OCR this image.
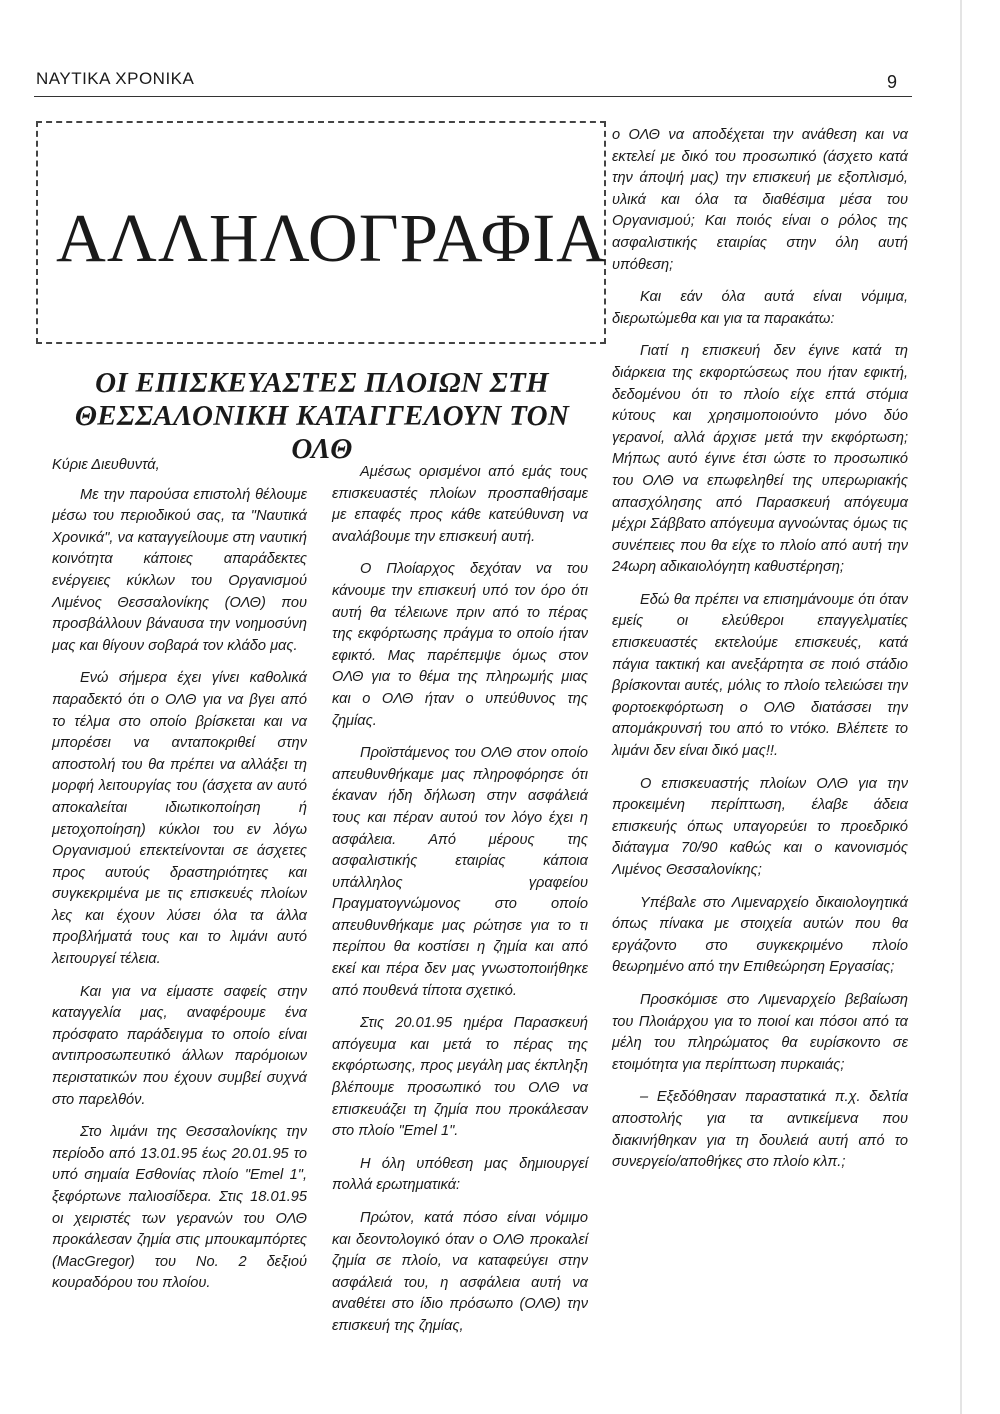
ΝΑΥΤΙΚΑ ΧΡΟΝΙΚΑ	9
ΑΛΛΗΛΟΓΡΑΦΙΑ
ΟΙ ΕΠΙΣΚΕΥΑΣΤΕΣ ΠΛΟΙΩΝ ΣΤΗ
ΘΕΣΣΑΛΟΝΙΚΗ ΚΑΤΑΓΓΕΛΟΥΝ ΤΟΝ ΟΛΘ

Κύριε Διευθυντά,

Με την παρούσα επιστολή θέλουμε μέσω του περιοδικού σας, τα "Ναυτικά Χρονικά", να καταγγείλουμε στη ναυτική κοινότητα κάποιες απαράδεκτες ενέργειες κύκλων του Οργανισμού Λιμένος Θεσσαλονίκης (ΟΛΘ) που προσβάλλουν βάναυσα την νοημοσύνη μας και θίγουν σοβαρά τον κλάδο μας.

Ενώ σήμερα έχει γίνει καθολικά παραδεκτό ότι ο ΟΛΘ για να βγει από το τέλμα στο οποίο βρίσκεται και να μπορέσει να ανταποκριθεί στην αποστολή του θα πρέπει να αλλάξει τη μορφή λειτουργίας του (άσχετα αν αυτό αποκαλείται ιδιωτικοποίηση ή μετοχοποίηση) κύκλοι του εν λόγω Οργανισμού επεκτείνονται σε άσχετες προς αυτούς δραστηριότητες και συγκεκριμένα με τις επισκευές πλοίων λες και έχουν λύσει όλα τα άλλα προβλήματά τους και το λιμάνι αυτό λειτουργεί τέλεια.

Και για να είμαστε σαφείς στην καταγγελία μας, αναφέρουμε ένα πρόσφατο παράδειγμα το οποίο είναι αντιπροσωπευτικό άλλων παρόμοιων περιστατικών που έχουν συμβεί συχνά στο παρελθόν.

Στο λιμάνι της Θεσσαλονίκης την περίοδο από 13.01.95 έως 20.01.95 το υπό σημαία Εσθονίας πλοίο "Emel 1", ξεφόρτωνε παλιοσίδερα. Στις 18.01.95 οι χειριστές των γερανών του ΟΛΘ προκάλεσαν ζημία στις μπουκαμπόρτες (MacGregor) του Νο. 2 δεξιού κουραδόρου του πλοίου.

Αμέσως ορισμένοι από εμάς τους επισκευαστές πλοίων προσπαθήσαμε με επαφές προς κάθε κατεύθυνση να αναλάβουμε την επισκευή αυτή.

Ο Πλοίαρχος δεχόταν να του κάνουμε την επισκευή υπό τον όρο ότι αυτή θα τέλειωνε πριν από το πέρας της εκφόρτωσης πράγμα το οποίο ήταν εφικτό. Μας παρέπεμψε όμως στον ΟΛΘ για το θέμα της πληρωμής μιας και ο ΟΛΘ ήταν ο υπεύθυνος της ζημίας.

Προϊστάμενος του ΟΛΘ στον οποίο απευθυνθήκαμε μας πληροφόρησε ότι έκαναν ήδη δήλωση στην ασφάλειά τους και πέραν αυτού τον λόγο έχει η ασφάλεια. Από μέρους της ασφαλιστικής εταιρίας κάποια υπάλληλος γραφείου Πραγματογνώμονος στο οποίο απευθυνθήκαμε μας ρώτησε για το τι περίπου θα κοστίσει η ζημία και από εκεί και πέρα δεν μας γνωστοποιήθηκε από πουθενά τίποτα σχετικό.

Στις 20.01.95 ημέρα Παρασκευή απόγευμα και μετά το πέρας της εκφόρτωσης, προς μεγάλη μας έκπληξη βλέπουμε προσωπικό του ΟΛΘ να επισκευάζει τη ζημία που προκάλεσαν στο πλοίο "Emel 1".

Η όλη υπόθεση μας δημιουργεί πολλά ερωτηματικά:

Πρώτον, κατά πόσο είναι νόμιμο και δεοντολογικό όταν ο ΟΛΘ προκαλεί ζημία σε πλοίο, να καταφεύγει στην ασφάλειά του, η ασφάλεια αυτή να αναθέτει στο ίδιο πρόσωπο (ΟΛΘ) την επισκευή της ζημίας,

ο ΟΛΘ να αποδέχεται την ανάθεση και να εκτελεί με δικό του προσωπικό (άσχετο κατά την άποψή μας) την επισκευή με εξοπλισμό, υλικά και όλα τα διαθέσιμα μέσα του Οργανισμού; Και ποιός είναι ο ρόλος της ασφαλιστικής εταιρίας στην όλη αυτή υπόθεση;

Και εάν όλα αυτά είναι νόμιμα, διερωτώμεθα και για τα παρακάτω:

Γιατί η επισκευή δεν έγινε κατά τη διάρκεια της εκφορτώσεως που ήταν εφικτή, δεδομένου ότι το πλοίο είχε επτά στόμια κύτους και χρησιμοποιούντο μόνο δύο γερανοί, αλλά άρχισε μετά την εκφόρτωση; Μήπως αυτό έγινε έτσι ώστε το προσωπικό του ΟΛΘ να επωφεληθεί της υπερωριακής απασχόλησης από Παρασκευή απόγευμα μέχρι Σάββατο απόγευμα αγνοώντας όμως τις συνέπειες που θα είχε το πλοίο από αυτή την 24ωρη αδικαιολόγητη καθυστέρηση;

Εδώ θα πρέπει να επισημάνουμε ότι όταν εμείς οι ελεύθεροι επαγγελματίες επισκευαστές εκτελούμε επισκευές, κατά πάγια τακτική και ανεξάρτητα σε ποιό στάδιο βρίσκονται αυτές, μόλις το πλοίο τελειώσει την φορτοεκφόρτωση ο ΟΛΘ διατάσσει την απομάκρυνσή του από το ντόκο. Βλέπετε το λιμάνι δεν είναι δικό μας!!.

Ο επισκευαστής πλοίων ΟΛΘ για την προκειμένη περίπτωση, έλαβε άδεια επισκευής όπως υπαγορεύει το προεδρικό διάταγμα 70/90 καθώς και ο κανονισμός Λιμένος Θεσσαλονίκης;

Υπέβαλε στο Λιμεναρχείο δικαιολογητικά όπως πίνακα με στοιχεία αυτών που θα εργάζοντο στο συγκεκριμένο πλοίο θεωρημένο από την Επιθεώρηση Εργασίας;

Προσκόμισε στο Λιμεναρχείο βεβαίωση του Πλοιάρχου για το ποιοί και πόσοι από τα μέλη του πληρώματος θα ευρίσκοντο σε ετοιμότητα για περίπτωση πυρκαιάς;

– Εξεδόθησαν παραστατικά π.χ. δελτία αποστολής για τα αντικείμενα που διακινήθηκαν για τη δουλειά αυτή από το συνεργείο/αποθήκες στο πλοίο κλπ.;
